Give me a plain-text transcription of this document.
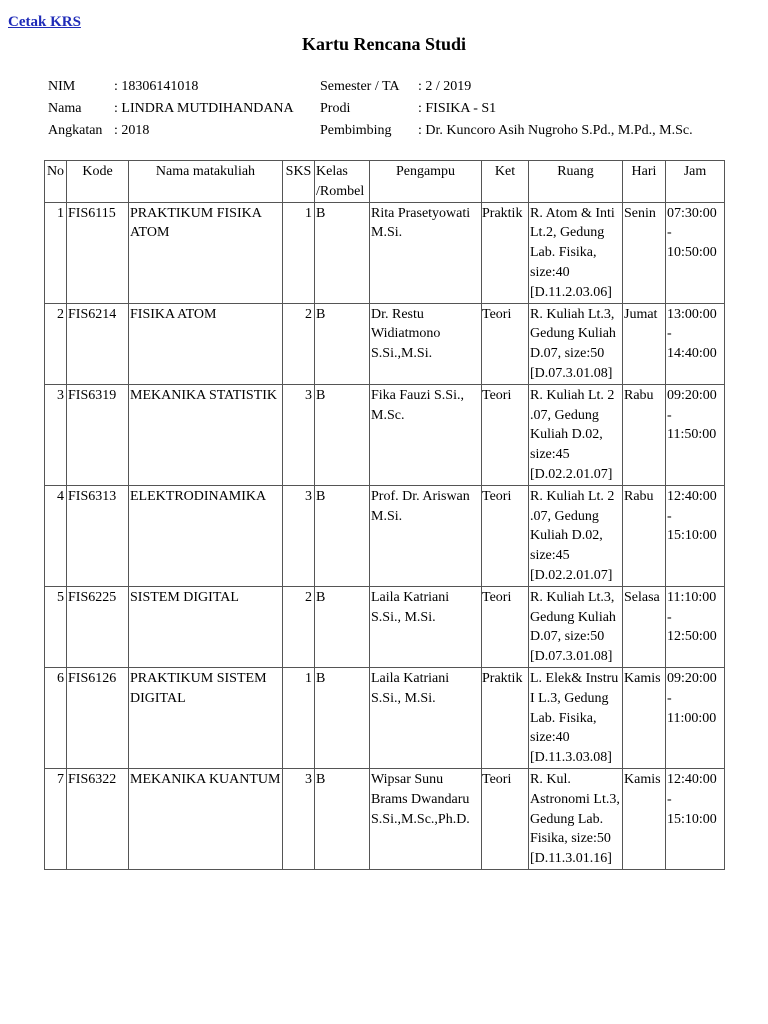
Cetak KRS
Kartu Rencana Studi
NIM	: 18306141018	Semester / TA	: 2 / 2019
Nama	: LINDRA MUTDIHANDANA	Prodi	: FISIKA - S1
Angkatan	: 2018	Pembimbing	: Dr. Kuncoro Asih Nugroho S.Pd., M.Pd., M.Sc.
No	Kode	Nama matakuliah	SKS	Kelas /Rombel	Pengampu	Ket	Ruang	Hari	Jam
1	FIS6115	PRAKTIKUM FISIKA ATOM	1	B	Rita Prasetyowati M.Si.	Praktik	R. Atom & Inti Lt.2, Gedung Lab. Fisika, size:40 [D.11.2.03.06]	Senin	07:30:00 - 10:50:00
2	FIS6214	FISIKA ATOM	2	B	Dr. Restu Widiatmono S.Si.,M.Si.	Teori	R. Kuliah Lt.3, Gedung Kuliah D.07, size:50 [D.07.3.01.08]	Jumat	13:00:00 - 14:40:00
3	FIS6319	MEKANIKA STATISTIK	3	B	Fika Fauzi S.Si., M.Sc.	Teori	R. Kuliah Lt. 2 .07, Gedung Kuliah D.02, size:45 [D.02.2.01.07]	Rabu	09:20:00 - 11:50:00
4	FIS6313	ELEKTRODINAMIKA	3	B	Prof. Dr. Ariswan M.Si.	Teori	R. Kuliah Lt. 2 .07, Gedung Kuliah D.02, size:45 [D.02.2.01.07]	Rabu	12:40:00 - 15:10:00
5	FIS6225	SISTEM DIGITAL	2	B	Laila Katriani S.Si., M.Si.	Teori	R. Kuliah Lt.3, Gedung Kuliah D.07, size:50 [D.07.3.01.08]	Selasa	11:10:00 - 12:50:00
6	FIS6126	PRAKTIKUM SISTEM DIGITAL	1	B	Laila Katriani S.Si., M.Si.	Praktik	L. Elek& Instru I L.3, Gedung Lab. Fisika, size:40 [D.11.3.03.08]	Kamis	09:20:00 - 11:00:00
7	FIS6322	MEKANIKA KUANTUM	3	B	Wipsar Sunu Brams Dwandaru S.Si.,M.Sc.,Ph.D.	Teori	R. Kul. Astronomi Lt.3, Gedung Lab. Fisika, size:50 [D.11.3.01.16]	Kamis	12:40:00 - 15:10:00
